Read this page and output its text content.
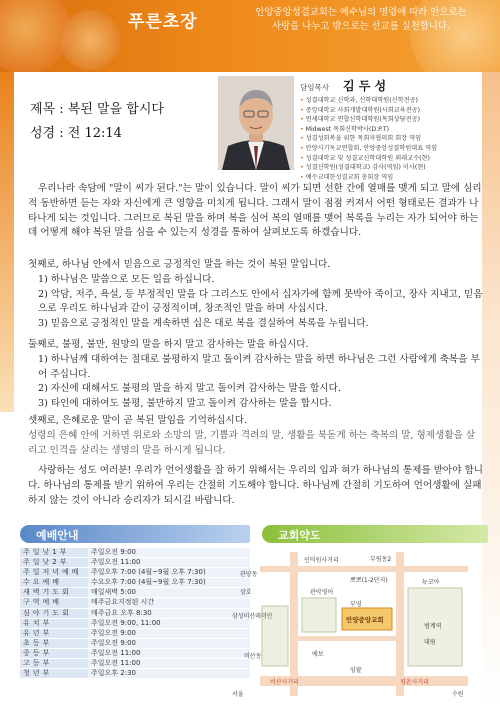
푸른초장	안양중앙성결교회는 예수님의 명령에 따라 안으로는
사랑을 나누고 밖으로는 선교를 실천합니다.
제목 : 복된 말을 합시다
성경 : 전 12:14
담임목사 김 두 성
• 성결대학교 신학과, 신학대학원(신학전공)
• 중앙대학교 사회개발대학원(사회교육전공)
• 연세대학교 연합신학대학원(목회상담전공)
• Midwest 목회신학박사(D.P.T)
• 성결성회복을 위한 목회자협의회 회장 역임
• 안양시기독교연합회, 안양중앙성결학원대표 역임
• 성결대학교 및 성결교신학대학원 외래교수(현)
• 성결신학원(성결대학교) 감사(역임) 이사(현)
• 예수교대한성결교회 총회장 역임

우리나라 속담에 "말이 씨가 된다."는 말이 있습니다. 말이 씨가 되면 선한 간에 열매를 맺게 되고 말에 심리적 동반하면 듣는 자와 자신에게 큰 영향을 미치게 됩니다. 그래서 말이 점점 커져서 어떤 형태로든 결과가 나타나게 되는 것입니다. 그러므로 복된 말을 하며 복을 심어 복의 열매를 맺어 복록을 누리는 자가 되어야 하는데 어떻게 해야 복된 말을 심을 수 있는지 성경을 통하여 살펴보도록 하겠습니다.

첫째로, 하나님 안에서 믿음으로 긍정적인 말을 하는 것이 복된 말입니다.

1) 하나님은 말씀으로 모든 일을 하십니다.

2) 악담, 저주, 욕설, 등 부정적인 말을 다 그리스도 안에서 십자가에 함께 못박아 죽이고, 장사 지내고, 믿음으로 우리도 하나님과 같이 긍정적이며, 창조적인 말을 하며 사십시다.

3) 믿음으로 긍정적인 말을 계속하면 십은 대로 복을 결실하여 복록을 누립니다.

둘째로, 불평, 불만, 원망의 말을 하지 말고 감사하는 말을 하십시다.

1) 하나님께 대하여는 절대로 불평하지 말고 돌이켜 감사하는 말을 하면 하나님은 그런 사람에게 축복을 부어 주십니다.

2) 자신에 대해서도 불평의 말을 하지 말고 돌이켜 감사하는 말을 합시다.

3) 타인에 대하여도 불평, 불만하지 말고 돌이켜 감사하는 말을 합시다.

셋째로, 은혜로운 말이 곧 복된 말임을 기억하십시다.

성령의 은혜 안에 거하면 위로와 소망의 말, 기쁨과 격려의 말, 생활을 북돋게 하는 축복의 말, 형제생활을 살리고 인격을 살리는 생명의 말을 하시게 됩니다.

사랑하는 성도 여러분! 우리가 언어생활을 잘 하기 위해서는 우리의 입과 혀가 하나님의 통제를 받아야 합니다. 하나님의 통제를 받기 위하여 우리는 간절히 기도해야 합니다. 하나님께 간절히 기도하여 언어생활에 실패하지 않는 것이 아니라 승리자가 되시길 바랍니다.

예배안내
주일낮1부	주일오전 9:00
주일낮2부	주일오전 11:00
주일저녁예배	주일오후 7:00 (4월~9월 오후 7:30)
수요예배	수요오후 7:00 (4월~9월 오후 7:30)
새벽기도회	매일새벽 5:00
구역예배	매주금요지정된 시간
심야기도회	매주금요 오후 8:30
유치부	주일오전 9:00, 11:00
유년부	주일오전 9:00
초등부	주일오전 9:00
중등부	주일오전 11:00
고등부	주일오전 11:00
청년부	주일오후 2:30
교회약도
인덕원사거리	부림동2
관양동
뽀뽀(1-2단지)
삼호	관악영어
뉴코아
삼성비산레미안
부영
안양중앙교회
범계역
대림
비산동
임팔
애보
비산사거리	평촌사거리
서울	수원
